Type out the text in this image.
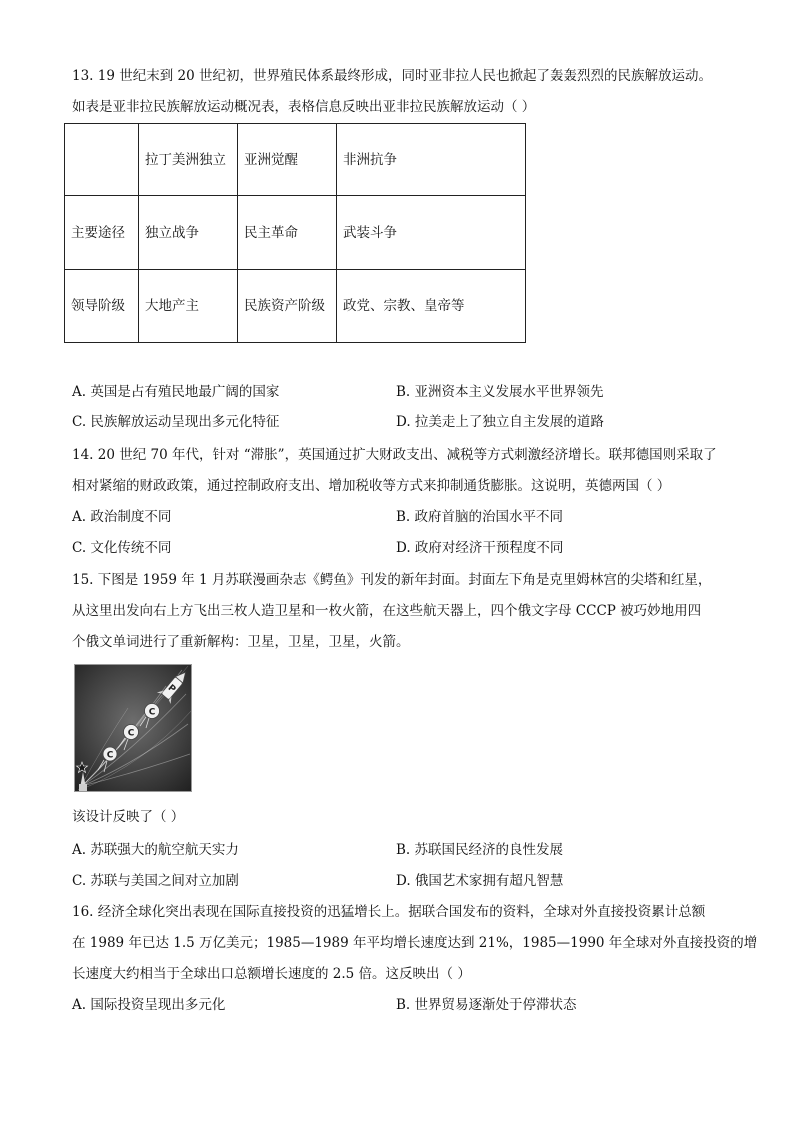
13. 19 世纪末到 20 世纪初，世界殖民体系最终形成，同时亚非拉人民也掀起了轰轰烈烈的民族解放运动。
如表是亚非拉民族解放运动概况表，表格信息反映出亚非拉民族解放运动（ ）
	拉丁美洲独立	亚洲觉醒	非洲抗争
主要途径	独立战争	民主革命	武装斗争
领导阶级	大地产主	民族资产阶级	政党、宗教、皇帝等
A. 英国是占有殖民地最广阔的国家	B. 亚洲资本主义发展水平世界领先
C. 民族解放运动呈现出多元化特征	D. 拉美走上了独立自主发展的道路
14. 20 世纪 70 年代，针对 “滞胀”，英国通过扩大财政支出、减税等方式刺激经济增长。联邦德国则采取了
相对紧缩的财政政策，通过控制政府支出、增加税收等方式来抑制通货膨胀。这说明，英德两国（ ）
A. 政治制度不同	B. 政府首脑的治国水平不同
C. 文化传统不同	D. 政府对经济干预程度不同
15. 下图是 1959 年 1 月苏联漫画杂志《鳄鱼》刊发的新年封面。封面左下角是克里姆林宫的尖塔和红星，
从这里出发向右上方飞出三枚人造卫星和一枚火箭，在这些航天器上，四个俄文字母 CCCP 被巧妙地用四
个俄文单词进行了重新解构：卫星，卫星，卫星，火箭。
C
C
C
P
该设计反映了（ ）
A. 苏联强大的航空航天实力	B. 苏联国民经济的良性发展
C. 苏联与美国之间对立加剧	D. 俄国艺术家拥有超凡智慧
16. 经济全球化突出表现在国际直接投资的迅猛增长上。据联合国发布的资料，全球对外直接投资累计总额
在 1989 年已达 1.5 万亿美元；1985—1989 年平均增长速度达到 21%，1985—1990 年全球对外直接投资的增
长速度大约相当于全球出口总额增长速度的 2.5 倍。这反映出（ ）
A. 国际投资呈现出多元化	B. 世界贸易逐渐处于停滞状态
